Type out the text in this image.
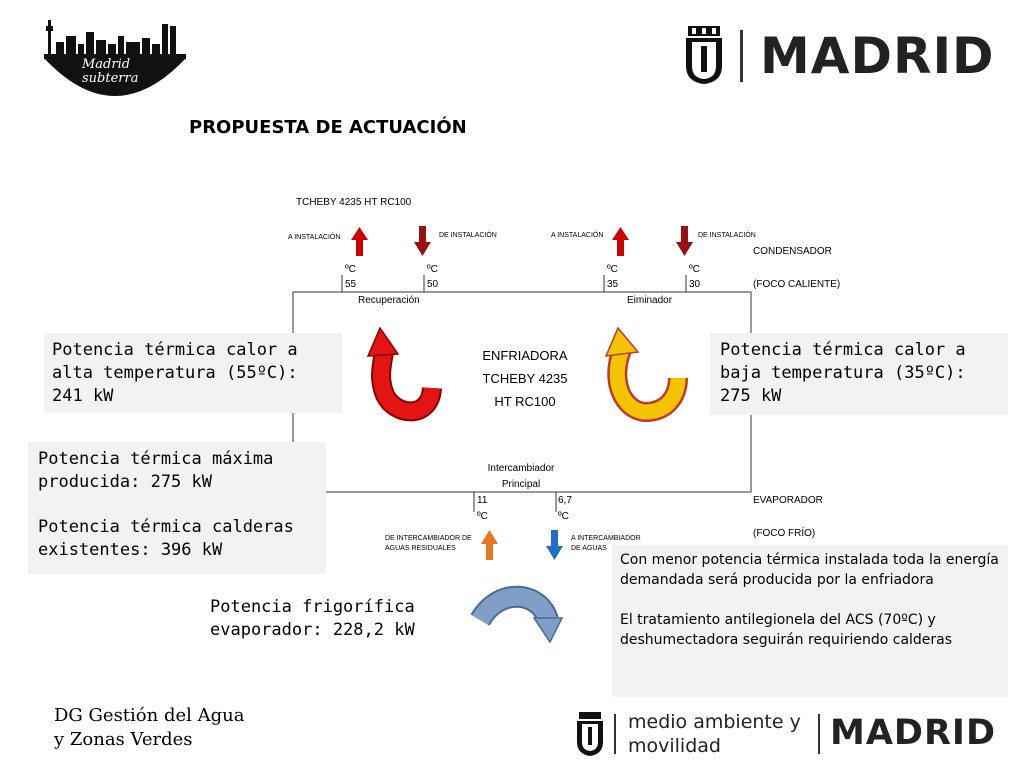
Madrid
subterra	MADRID
PROPUESTA DE ACTUACIÓN
TCHEBY 4235 HT RC100
A INSTALACIÓN	DE INSTALACIÓN	A INSTALACIÓN	DE INSTALACIÓN
CONDENSADOR
ºC	ºC	ºC	ºC
55	50	35	30	(FOCO CALIENTE)
Recuperación	Eiminador
ENFRIADORA
TCHEBY 4235
HT RC100
Intercambiador
Principal
11	6,7	EVAPORADOR
ºC	ºC
(FOCO FRÍO)
DE INTERCAMBIADOR DE AGUAS RESIDUALES
A INTERCAMBIADOR DE AGUAS
Potencia térmica calor a alta temperatura (55ºC): 241 kW
Potencia térmica calor a baja temperatura (35ºC): 275 kW
Potencia térmica máxima producida: 275 kW
Potencia térmica calderas existentes: 396 kW
Potencia frigorífica evaporador: 228,2 kW
Con menor potencia térmica instalada toda la energía demandada será producida por la enfriadora
El tratamiento antilegionela del ACS (70ºC) y deshumectadora seguirán requiriendo calderas
DG Gestión del Agua
y Zonas Verdes
medio ambiente y
movilidad	MADRID
